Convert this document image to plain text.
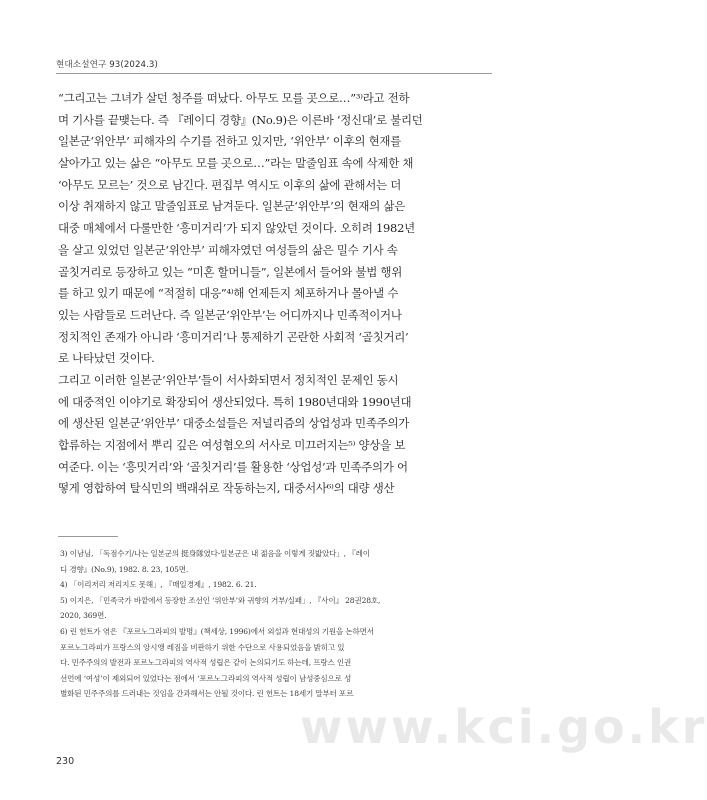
현대소설연구 93(2024.3)
“그리고는 그녀가 살던 청주를 떠났다. 아무도 모를 곳으로…”³⁾라고 전하
며 기사를 끝맺는다. 즉 『레이디 경향』(No.9)은 이른바 ‘정신대’로 불리던
일본군‘위안부’ 피해자의 수기를 전하고 있지만, ‘위안부’ 이후의 현재를
살아가고 있는 삶은 “아무도 모를 곳으로…”라는 말줄임표 속에 삭제한 채
‘아무도 모르는’ 것으로 남긴다. 편집부 역시도 이후의 삶에 관해서는 더
이상 취재하지 않고 말줄임표로 남겨둔다. 일본군‘위안부’의 현재의 삶은
대중 매체에서 다룰만한 ‘흥미거리’가 되지 않았던 것이다. 오히려 1982년
을 살고 있었던 일본군‘위안부’ 피해자였던 여성들의 삶은 밀수 기사 속
골칫거리로 등장하고 있는 “미혼 할머니들”, 일본에서 들어와 불법 행위
를 하고 있기 때문에 “적절히 대응”⁴⁾해 언제든지 체포하거나 몰아낼 수
있는 사람들로 드러난다. 즉 일본군‘위안부’는 어디까지나 민족적이거나
정치적인 존재가 아니라 ‘흥미거리’나 통제하기 곤란한 사회적 ‘골칫거리’
로 나타났던 것이다.
그리고 이러한 일본군‘위안부’들이 서사화되면서 정치적인 문제인 동시
에 대중적인 이야기로 확장되어 생산되었다. 특히 1980년대와 1990년대
에 생산된 일본군‘위안부’ 대중소설들은 저널리즘의 상업성과 민족주의가
합류하는 지점에서 뿌리 깊은 여성혐오의 서사로 미끄러지는⁵⁾ 양상을 보
여준다. 이는 ‘흥밋거리’와 ‘골칫거리’를 활용한 ‘상업성’과 민족주의가 어
떻게 영합하여 탈식민의 백래쉬로 작동하는지, 대중서사⁶⁾의 대량 생산
3) 이남님, 「독점수기/나는 일본군의 挺身隊였다-일본군은 내 젊음을 이렇게 짓밟았다」, 『레이
디 경향』(No.9), 1982. 8. 23, 105면.
4) 「이리저리 저리지도 못해」, 『매일경제』, 1982. 6. 21.
5) 이지은, 「민족국가 바깥에서 등장한 조선인 ‘위안부’와 귀향의 거부/실패」, 『사이』 28권28호,
2020, 369면.
6) 린 헌트가 엮은 『포르노그라피의 발명』(책세상, 1996)에서 외설과 현대성의 기원을 논하면서
포르노그라피가 프랑스의 앙시앵 레짐을 비판하기 위한 수단으로 사용되었음을 밝히고 있
다. 민주주의의 발전과 포르노그라피의 역사적 성립은 같이 논의되기도 하는데, 프랑스 인권
선언에 ‘여성’이 제외되어 있었다는 점에서 ‘포르노그라피의 역사적 성립이 남성중심으로 성
별화된 민주주의를 드러내는 것임을 간과해서는 안될 것이다. 린 헌트는 18세기 말부터 포르
www.kci.go.kr
230
